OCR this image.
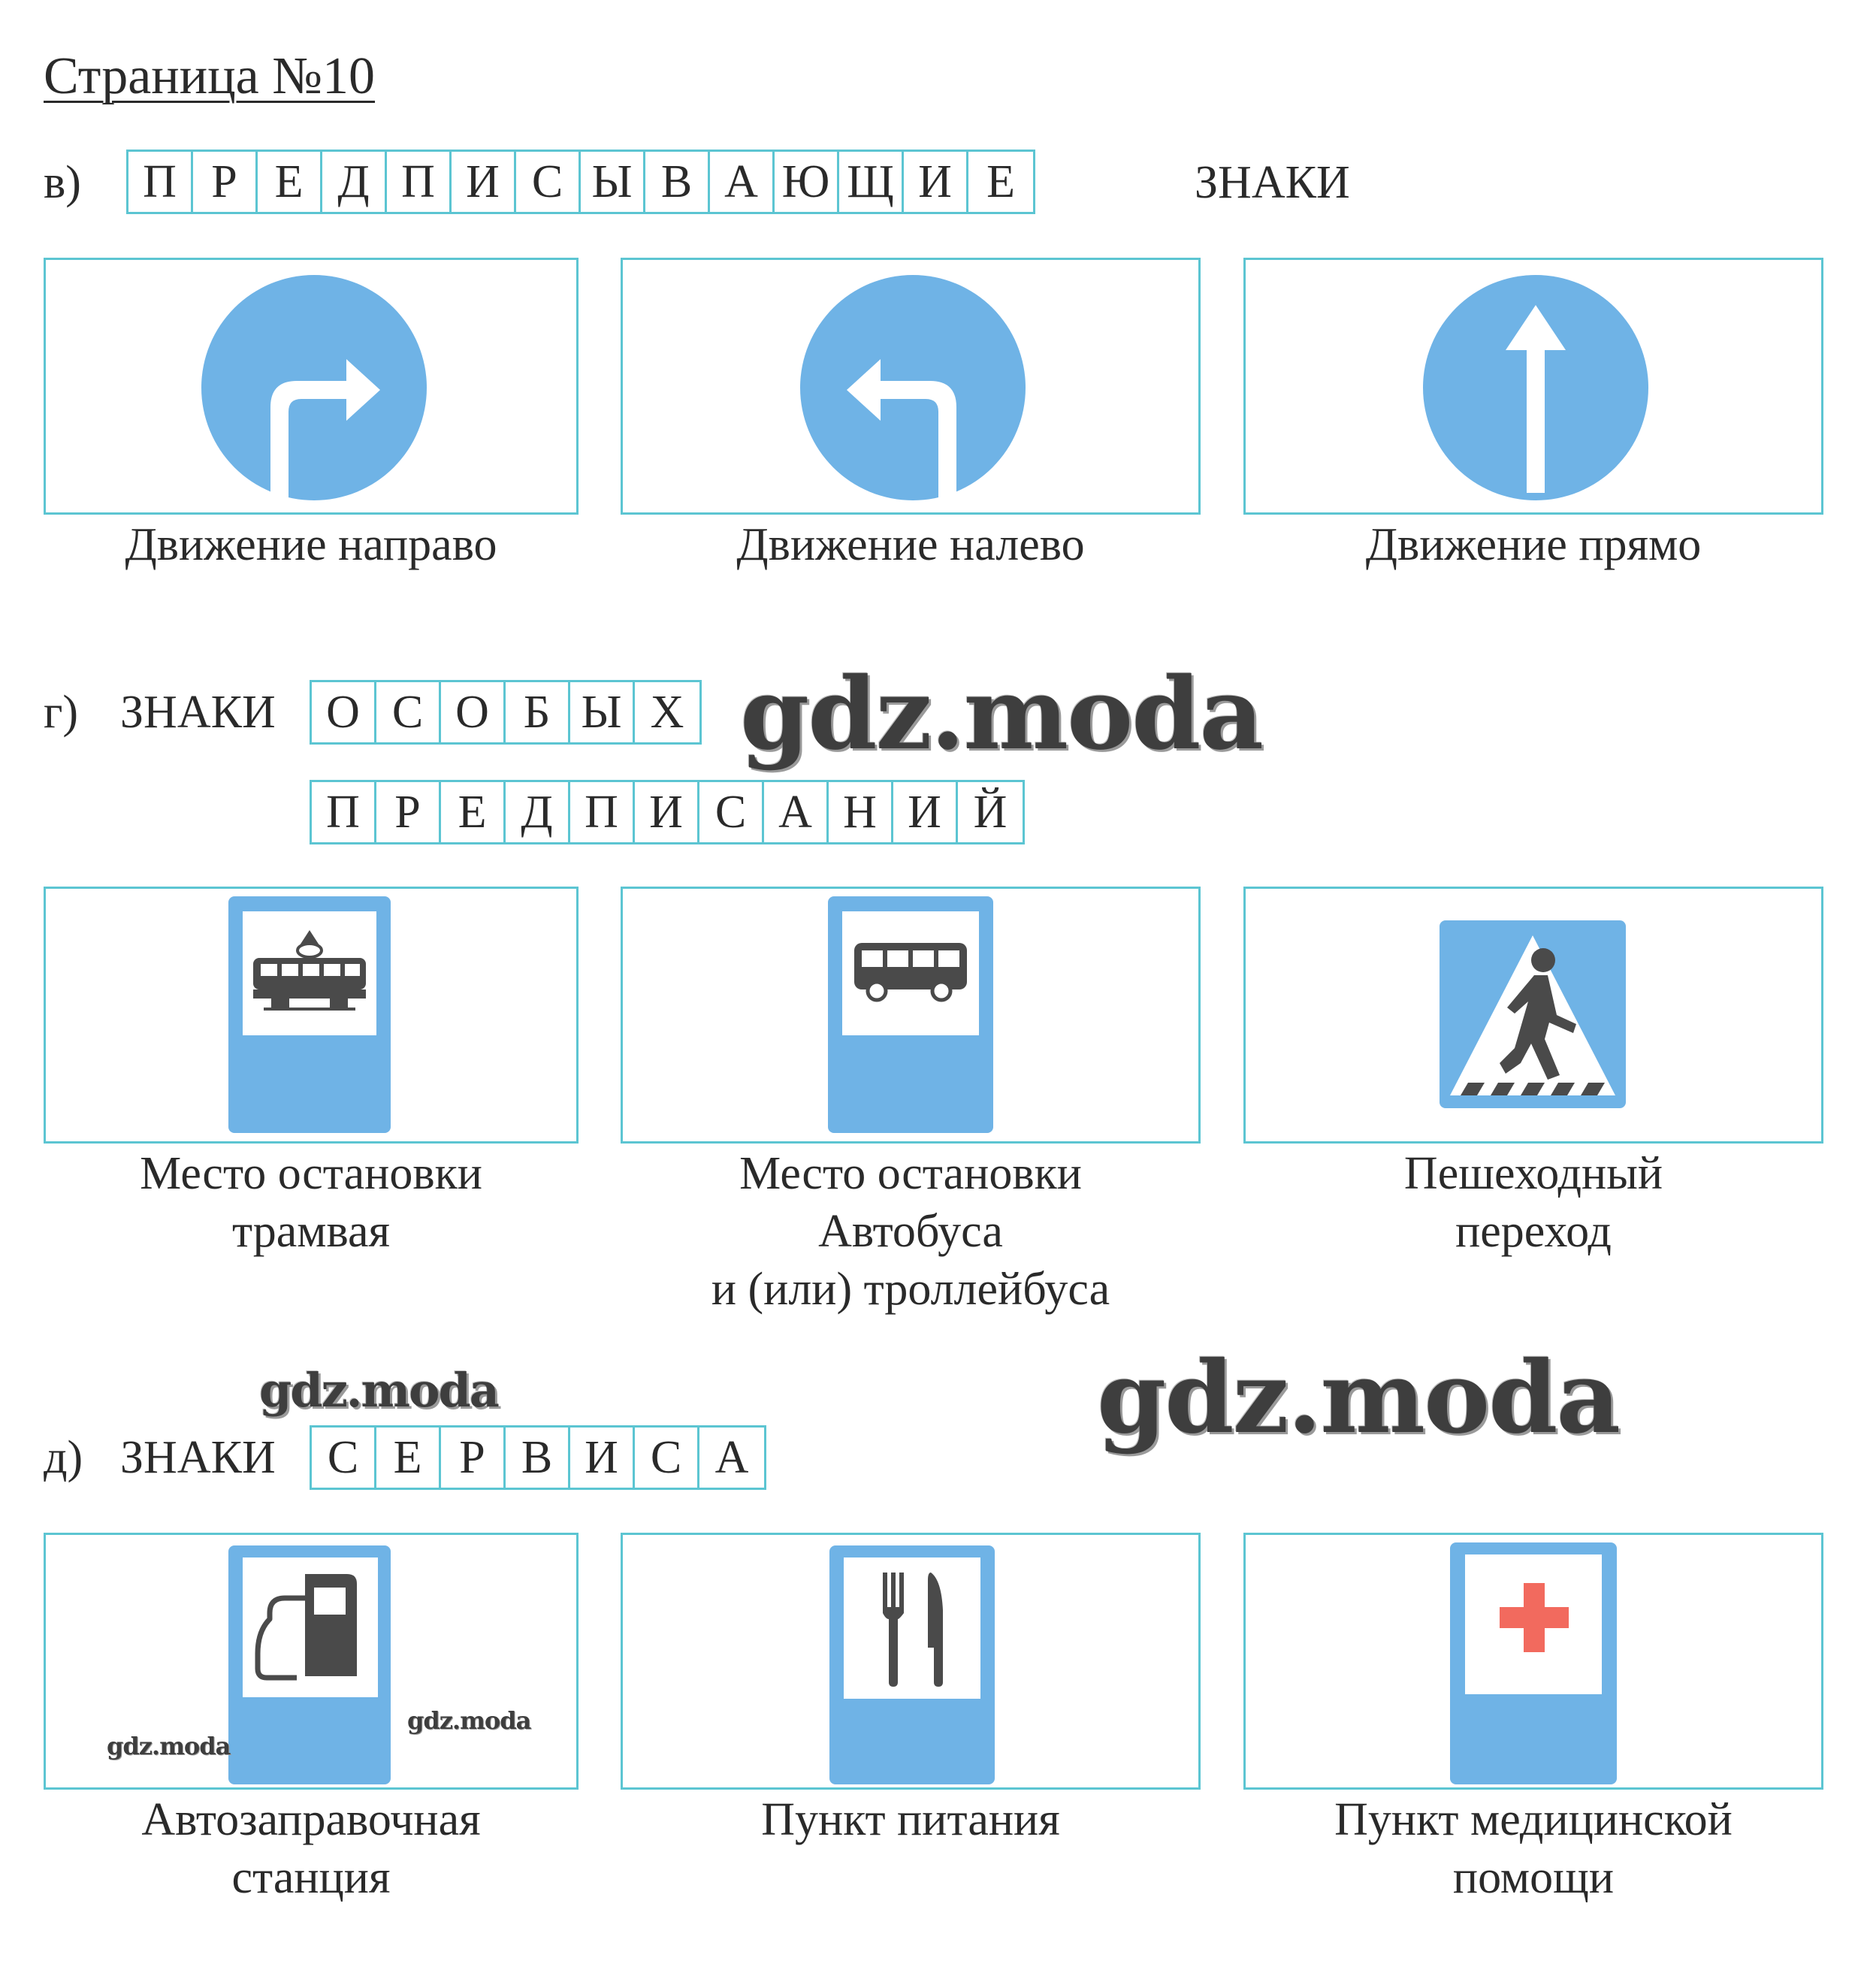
Страница №10
в)	П Р Е Д П И С Ы В А Ю Щ И Е	ЗНАКИ
Движение направо	Движение налево	Движение прямо
г) ЗНАКИ	О С О Б Ы Х
П Р Е Д П И С А Н И Й
Место остановки
трамвая
Место остановки
Автобуса
и (или) троллейбуса
Пешеходный
переход
д) ЗНАКИ	С Е Р В И С А
Автозаправочная
станция
Пункт питания	Пункт медицинской
помощи
gdz.moda
gdz.moda	gdz.moda
gdz.moda
gdz.moda
